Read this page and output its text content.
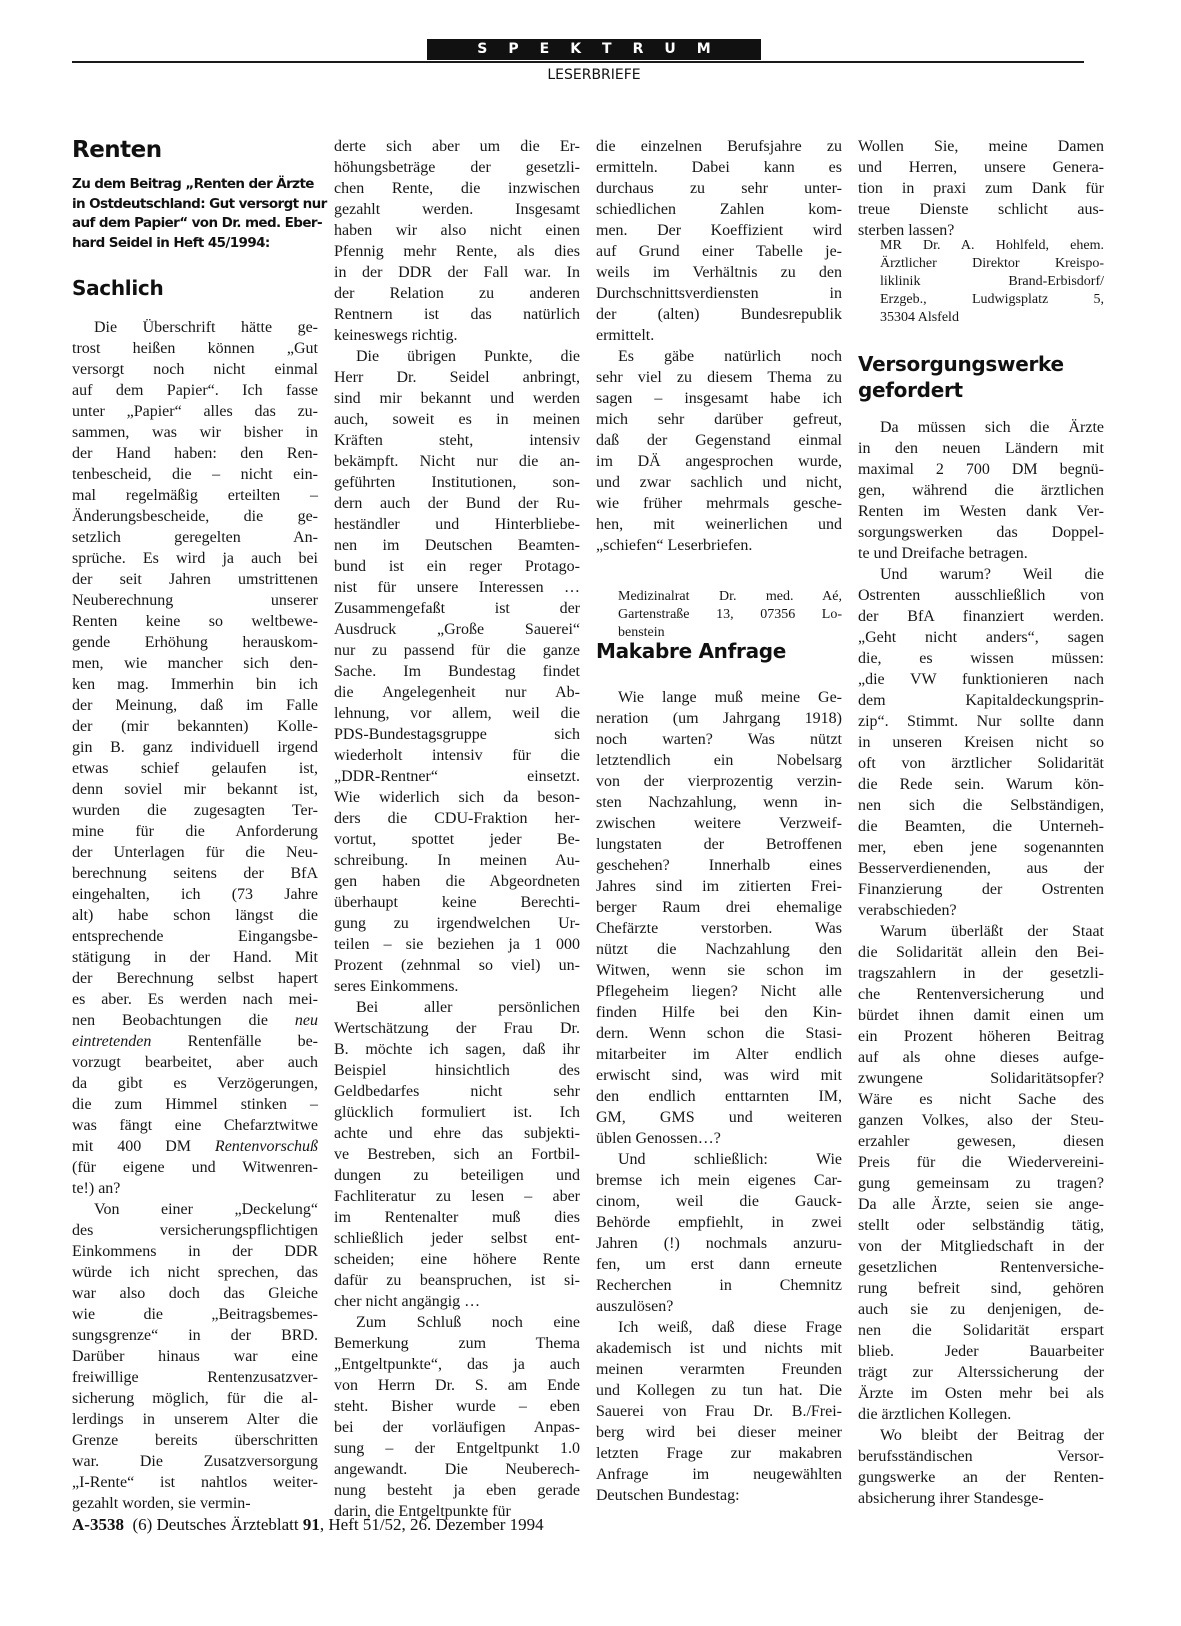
SPEKTRUM
LESERBRIEFE
Renten
Zu dem Beitrag „Renten der Ärzte
in Ostdeutschland: Gut versorgt nur
auf dem Papier“ von Dr. med. Eber-
hard Seidel in Heft 45/1994:
Sachlich
Die Überschrift hätte ge-
trost heißen können „Gut
versorgt noch nicht einmal
auf dem Papier“. Ich fasse
unter „Papier“ alles das zu-
sammen, was wir bisher in
der Hand haben: den Ren-
tenbescheid, die – nicht ein-
mal regelmäßig erteilten –
Änderungsbescheide, die ge-
setzlich geregelten An-
sprüche. Es wird ja auch bei
der seit Jahren umstrittenen
Neuberechnung unserer
Renten keine so weltbewe-
gende Erhöhung herauskom-
men, wie mancher sich den-
ken mag. Immerhin bin ich
der Meinung, daß im Falle
der (mir bekannten) Kolle-
gin B. ganz individuell irgend
etwas schief gelaufen ist,
denn soviel mir bekannt ist,
wurden die zugesagten Ter-
mine für die Anforderung
der Unterlagen für die Neu-
berechnung seitens der BfA
eingehalten, ich (73 Jahre
alt) habe schon längst die
entsprechende Eingangsbe-
stätigung in der Hand. Mit
der Berechnung selbst hapert
es aber. Es werden nach mei-
nen Beobachtungen die neu
eintretenden Rentenfälle be-
vorzugt bearbeitet, aber auch
da gibt es Verzögerungen,
die zum Himmel stinken –
was fängt eine Chefarztwitwe
mit 400 DM Rentenvorschuß
(für eigene und Witwenren-
te!) an?
Von einer „Deckelung“
des versicherungspflichtigen
Einkommens in der DDR
würde ich nicht sprechen, das
war also doch das Gleiche
wie die „Beitragsbemes-
sungsgrenze“ in der BRD.
Darüber hinaus war eine
freiwillige Rentenzusatzver-
sicherung möglich, für die al-
lerdings in unserem Alter die
Grenze bereits überschritten
war. Die Zusatzversorgung
„I-Rente“ ist nahtlos weiter-
gezahlt worden, sie vermin-
derte sich aber um die Er-
höhungsbeträge der gesetzli-
chen Rente, die inzwischen
gezahlt werden. Insgesamt
haben wir also nicht einen
Pfennig mehr Rente, als dies
in der DDR der Fall war. In
der Relation zu anderen
Rentnern ist das natürlich
keineswegs richtig.
Die übrigen Punkte, die
Herr Dr. Seidel anbringt,
sind mir bekannt und werden
auch, soweit es in meinen
Kräften steht, intensiv
bekämpft. Nicht nur die an-
geführten Institutionen, son-
dern auch der Bund der Ru-
heständler und Hinterbliebe-
nen im Deutschen Beamten-
bund ist ein reger Protago-
nist für unsere Interessen …
Zusammengefaßt ist der
Ausdruck „Große Sauerei“
nur zu passend für die ganze
Sache. Im Bundestag findet
die Angelegenheit nur Ab-
lehnung, vor allem, weil die
PDS-Bundestagsgruppe sich
wiederholt intensiv für die
„DDR-Rentner“ einsetzt.
Wie widerlich sich da beson-
ders die CDU-Fraktion her-
vortut, spottet jeder Be-
schreibung. In meinen Au-
gen haben die Abgeordneten
überhaupt keine Berechti-
gung zu irgendwelchen Ur-
teilen – sie beziehen ja 1 000
Prozent (zehnmal so viel) un-
seres Einkommens.
Bei aller persönlichen
Wertschätzung der Frau Dr.
B. möchte ich sagen, daß ihr
Beispiel hinsichtlich des
Geldbedarfes nicht sehr
glücklich formuliert ist. Ich
achte und ehre das subjekti-
ve Bestreben, sich an Fortbil-
dungen zu beteiligen und
Fachliteratur zu lesen – aber
im Rentenalter muß dies
schließlich jeder selbst ent-
scheiden; eine höhere Rente
dafür zu beanspruchen, ist si-
cher nicht angängig …
Zum Schluß noch eine
Bemerkung zum Thema
„Entgeltpunkte“, das ja auch
von Herrn Dr. S. am Ende
steht. Bisher wurde – eben
bei der vorläufigen Anpas-
sung – der Entgeltpunkt 1.0
angewandt. Die Neuberech-
nung besteht ja eben gerade
darin, die Entgeltpunkte für
die einzelnen Berufsjahre zu
ermitteln. Dabei kann es
durchaus zu sehr unter-
schiedlichen Zahlen kom-
men. Der Koeffizient wird
auf Grund einer Tabelle je-
weils im Verhältnis zu den
Durchschnittsverdiensten in
der (alten) Bundesrepublik
ermittelt.
Es gäbe natürlich noch
sehr viel zu diesem Thema zu
sagen – insgesamt habe ich
mich sehr darüber gefreut,
daß der Gegenstand einmal
im DÄ angesprochen wurde,
und zwar sachlich und nicht,
wie früher mehrmals gesche-
hen, mit weinerlichen und
„schiefen“ Leserbriefen.
Medizinalrat Dr. med. Aé,
Gartenstraße 13, 07356 Lo-
benstein
Makabre Anfrage
Wie lange muß meine Ge-
neration (um Jahrgang 1918)
noch warten? Was nützt
letztendlich ein Nobelsarg
von der vierprozentig verzin-
sten Nachzahlung, wenn in-
zwischen weitere Verzweif-
lungstaten der Betroffenen
geschehen? Innerhalb eines
Jahres sind im zitierten Frei-
berger Raum drei ehemalige
Chefärzte verstorben. Was
nützt die Nachzahlung den
Witwen, wenn sie schon im
Pflegeheim liegen? Nicht alle
finden Hilfe bei den Kin-
dern. Wenn schon die Stasi-
mitarbeiter im Alter endlich
erwischt sind, was wird mit
den endlich enttarnten IM,
GM, GMS und weiteren
üblen Genossen…?
Und schließlich: Wie
bremse ich mein eigenes Car-
cinom, weil die Gauck-
Behörde empfiehlt, in zwei
Jahren (!) nochmals anzuru-
fen, um erst dann erneute
Recherchen in Chemnitz
auszulösen?
Ich weiß, daß diese Frage
akademisch ist und nichts mit
meinen verarmten Freunden
und Kollegen zu tun hat. Die
Sauerei von Frau Dr. B./Frei-
berg wird bei dieser meiner
letzten Frage zur makabren
Anfrage im neugewählten
Deutschen Bundestag:
Wollen Sie, meine Damen
und Herren, unsere Genera-
tion in praxi zum Dank für
treue Dienste schlicht aus-
sterben lassen?
MR Dr. A. Hohlfeld, ehem.
Ärztlicher Direktor Kreispo-
liklinik Brand-Erbisdorf/
Erzgeb., Ludwigsplatz 5,
35304 Alsfeld
Versorgungswerke
gefordert
Da müssen sich die Ärzte
in den neuen Ländern mit
maximal 2 700 DM begnü-
gen, während die ärztlichen
Renten im Westen dank Ver-
sorgungswerken das Doppel-
te und Dreifache betragen.
Und warum? Weil die
Ostrenten ausschließlich von
der BfA finanziert werden.
„Geht nicht anders“, sagen
die, es wissen müssen:
„die VW funktionieren nach
dem Kapitaldeckungsprin-
zip“. Stimmt. Nur sollte dann
in unseren Kreisen nicht so
oft von ärztlicher Solidarität
die Rede sein. Warum kön-
nen sich die Selbständigen,
die Beamten, die Unterneh-
mer, eben jene sogenannten
Besserverdienenden, aus der
Finanzierung der Ostrenten
verabschieden?
Warum überläßt der Staat
die Solidarität allein den Bei-
tragszahlern in der gesetzli-
che Rentenversicherung und
bürdet ihnen damit einen um
ein Prozent höheren Beitrag
auf als ohne dieses aufge-
zwungene Solidaritätsopfer?
Wäre es nicht Sache des
ganzen Volkes, also der Steu-
erzahler gewesen, diesen
Preis für die Wiedervereini-
gung gemeinsam zu tragen?
Da alle Ärzte, seien sie ange-
stellt oder selbständig tätig,
von der Mitgliedschaft in der
gesetzlichen Rentenversiche-
rung befreit sind, gehören
auch sie zu denjenigen, de-
nen die Solidarität erspart
blieb. Jeder Bauarbeiter
trägt zur Alterssicherung der
Ärzte im Osten mehr bei als
die ärztlichen Kollegen.
Wo bleibt der Beitrag der
berufsständischen Versor-
gungswerke an der Renten-
absicherung ihrer Standesge-
A-3538 (6) Deutsches Ärzteblatt 91, Heft 51/52, 26. Dezember 1994
